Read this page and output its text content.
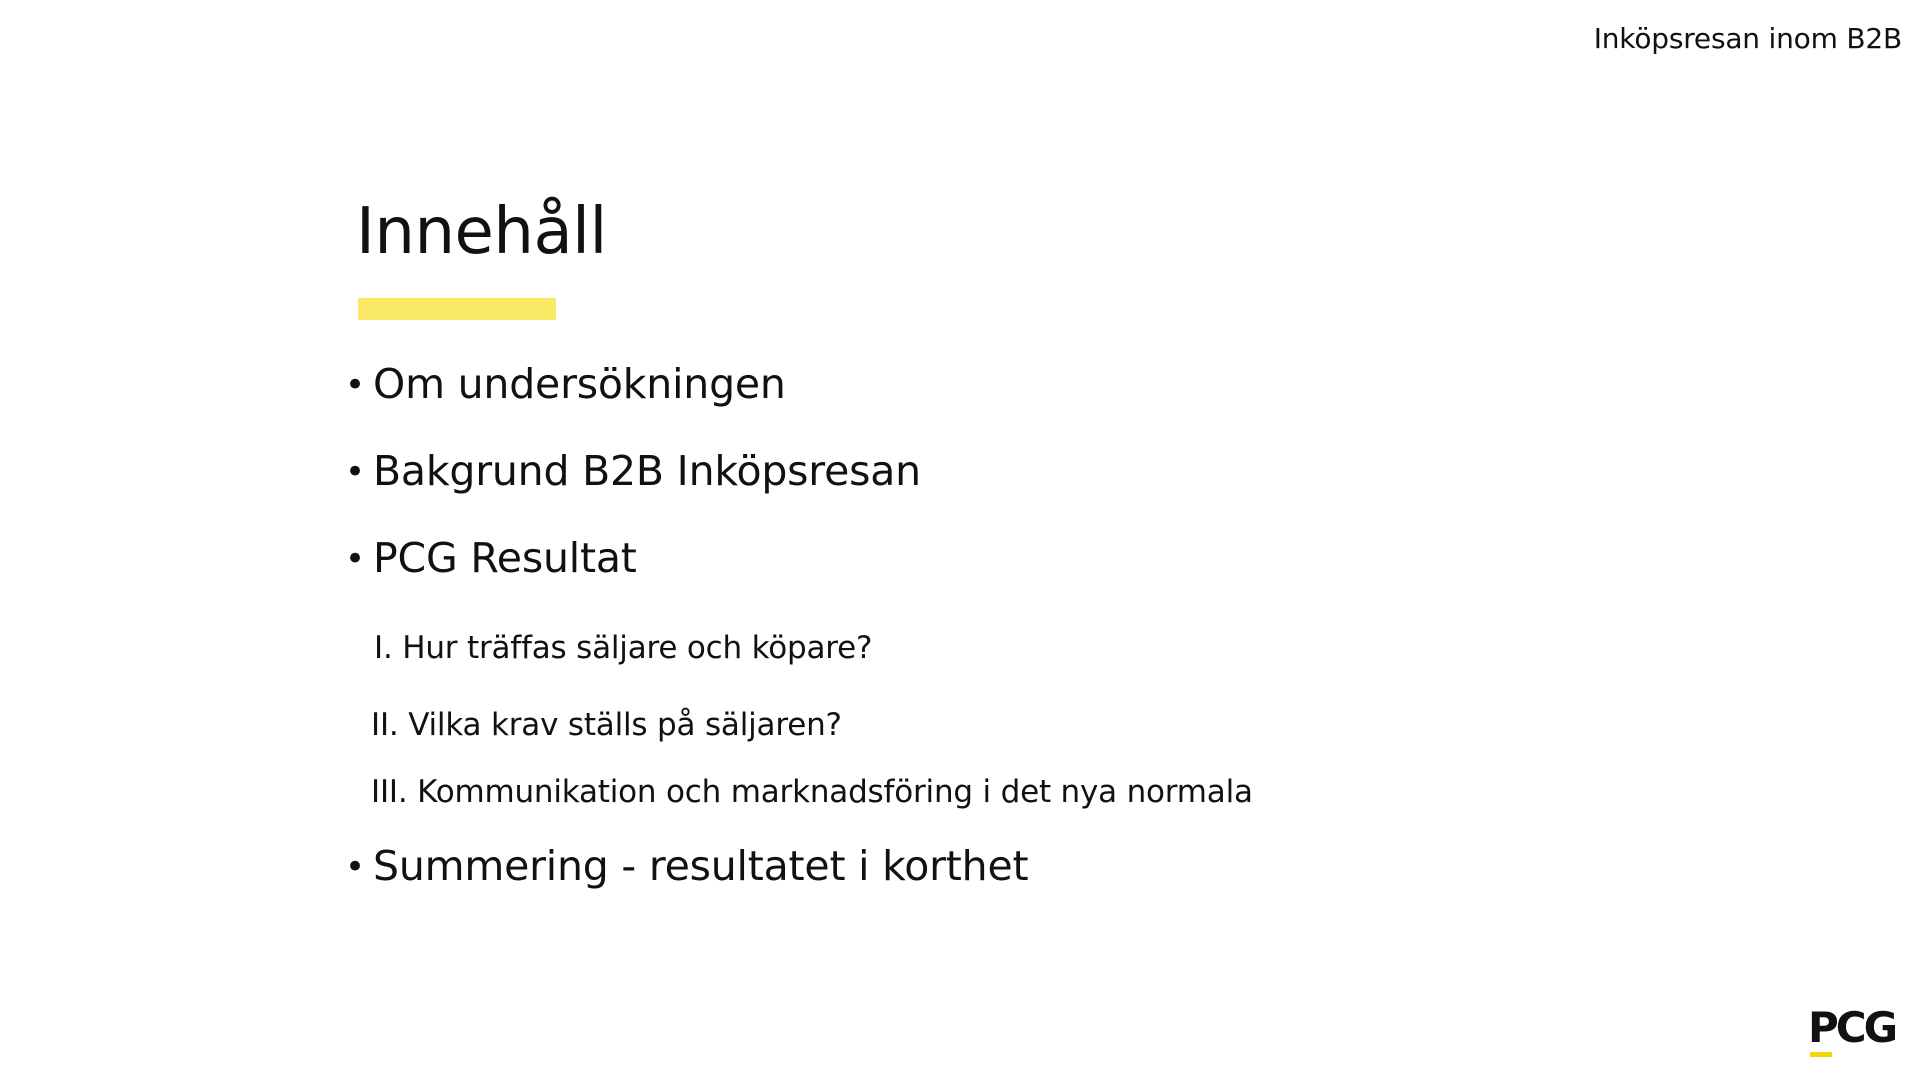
Inköpsresan inom B2B
Innehåll
• Om undersökningen
• Bakgrund B2B Inköpsresan
• PCG Resultat
I. Hur träffas säljare och köpare?
II. Vilka krav ställs på säljaren?
III. Kommunikation och marknadsföring i det nya normala
• Summering - resultatet i korthet
PCG
